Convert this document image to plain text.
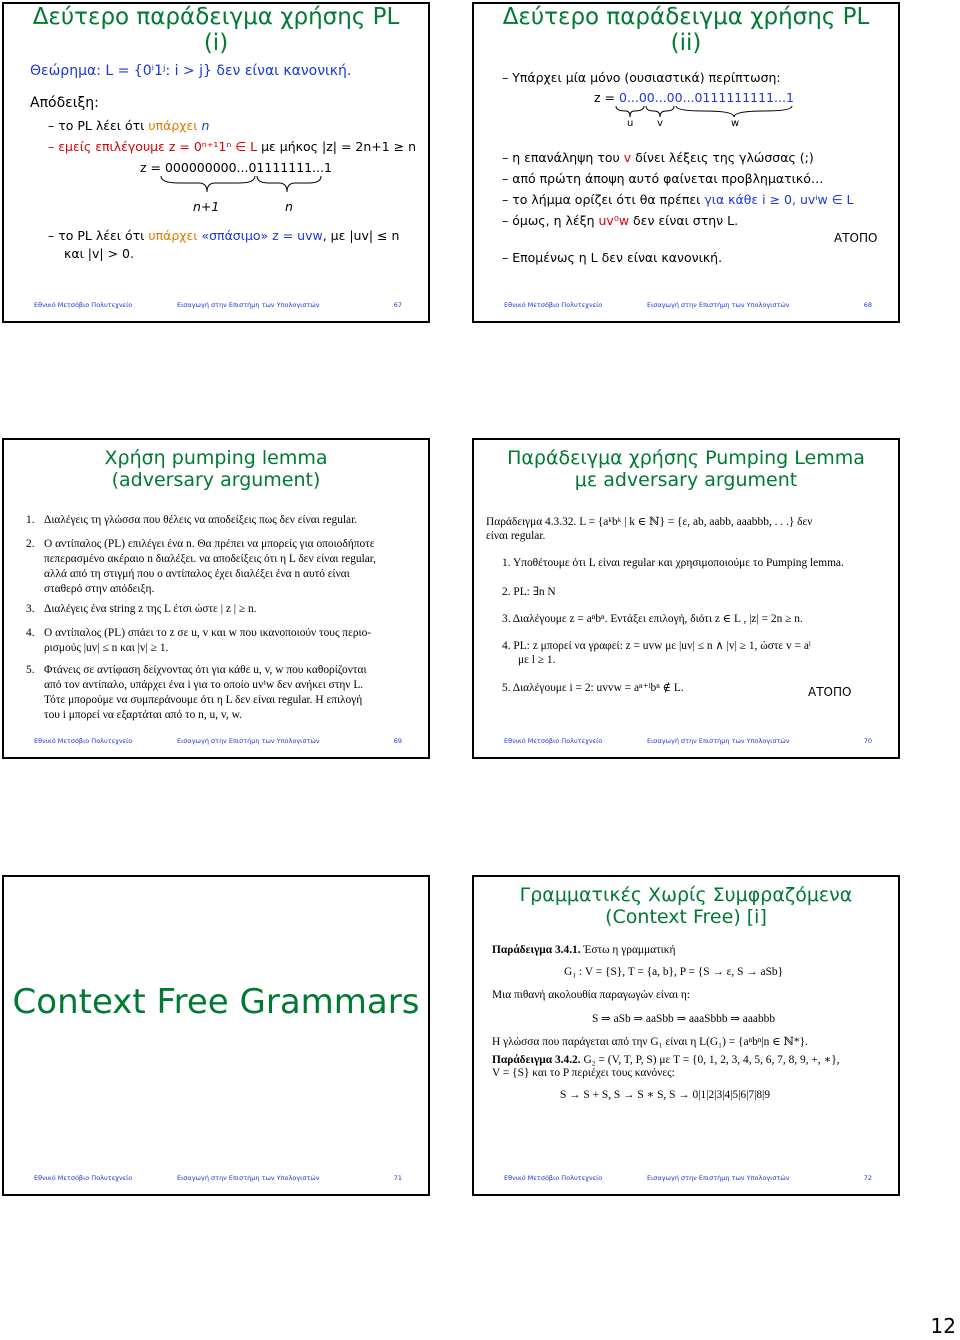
Δεύτερο παράδειγμα χρήσης PL
(i)
Θεώρημα: L = {0ⁱ1ʲ: i > j} δεν είναι κανονική.
Απόδειξη:
– το PL λέει ότι υπάρχει n
– εμείς επιλέγουμε z = 0ⁿ⁺¹1ⁿ ∈ L με μήκος |z| = 2n+1 ≥ n
z = 000000000...01111111...1
n+1	n
– το PL λέει ότι υπάρχει «σπάσιμο» z = uvw, με |uv| ≤ n
και |v| > 0.
Εθνικό Μετσόβιο Πολυτεχνείο	Εισαγωγή στην Επιστήμη των Υπολογιστών	67
Δεύτερο παράδειγμα χρήσης PL
(ii)
– Υπάρχει μία μόνο (ουσιαστικά) περίπτωση:
z = 0...00...00...0111111111...1
u v	w
– η επανάληψη του v δίνει λέξεις της γλώσσας (;)
– από πρώτη άποψη αυτό φαίνεται προβληματικό…
– το λήμμα ορίζει ότι θα πρέπει για κάθε i ≥ 0, uvⁱw ∈ L
– όμως, η λέξη uv⁰w δεν είναι στην L.
ΑΤΟΠΟ
– Επομένως η L δεν είναι κανονική.
Εθνικό Μετσόβιο Πολυτεχνείο	Εισαγωγή στην Επιστήμη των Υπολογιστών	68
Χρήση pumping lemma
(adversary argument)
1. Διαλέγεις τη γλώσσα που θέλεις να αποδείξεις πως δεν είναι regular.
2. Ο αντίπαλος (PL) επιλέγει ένα n. Θα πρέπει να μπορείς για οποιοδήποτε
πεπερασμένο ακέραιο n διαλέξει. να αποδείξεις ότι η L δεν είναι regular,
αλλά από τη στιγμή που ο αντίπαλος έχει διαλέξει ένα n αυτό είναι
σταθερό στην απόδειξη.
3. Διαλέγεις ένα string z της L έτσι ώστε | z | ≥ n.
4. Ο αντίπαλος (PL) σπάει το z σε u, v και w που ικανοποιούν τους περιο-
ρισμούς |uv| ≤ n και |v| ≥ 1.
5. Φτάνεις σε αντίφαση δείχνοντας ότι για κάθε u, v, w που καθορίζονται
από τον αντίπαλο, υπάρχει ένα i για το οποίο uvⁱw δεν ανήκει στην L.
Τότε μπορούμε να συμπεράνουμε ότι η L δεν είναι regular. Η επιλογή
του i μπορεί να εξαρτάται από το n, u, v, w.
Εθνικό Μετσόβιο Πολυτεχνείο	Εισαγωγή στην Επιστήμη των Υπολογιστών	69
Παράδειγμα χρήσης Pumping Lemma
με adversary argument
Παράδειγμα 4.3.32. L = {aᵏbᵏ | k ∈ ℕ} = {ε, ab, aabb, aaabbb, . . .} δεν
είναι regular.
1. Υποθέτουμε ότι L είναι regular και χρησιμοποιούμε το Pumping lemma.
2. PL: ∃n N
3. Διαλέγουμε z = aⁿbⁿ. Εντάξει επιλογή, διότι z ∈ L , |z| = 2n ≥ n.
4. PL: z μπορεί να γραφεί: z = uvw με |uv| ≤ n ∧ |v| ≥ 1, ώστε v = aˡ
με l ≥ 1.
5. Διαλέγουμε i = 2: uvvw = aⁿ⁺ˡbⁿ ∉ L.	ΑΤΟΠΟ
Εθνικό Μετσόβιο Πολυτεχνείο	Εισαγωγή στην Επιστήμη των Υπολογιστών	70
Context Free Grammars
Εθνικό Μετσόβιο Πολυτεχνείο	Εισαγωγή στην Επιστήμη των Υπολογιστών	71
Γραμματικές Χωρίς Συμφραζόμενα
(Context Free) [i]
Παράδειγμα 3.4.1. Έστω η γραμματική
G₁ : V = {S}, T = {a, b}, P = {S → ε, S → aSb}
Μια πιθανή ακολουθία παραγωγών είναι η:
S ⇒ aSb ⇒ aaSbb ⇒ aaaSbbb ⇒ aaabbb
Η γλώσσα που παράγεται από την G₁ είναι η L(G₁) = {aⁿbⁿ|n ∈ ℕ*}.
Παράδειγμα 3.4.2. G₂ = (V, T, P, S) με T = {0, 1, 2, 3, 4, 5, 6, 7, 8, 9, +, ∗},
V = {S} και το P περιέχει τους κανόνες:
S → S + S, S → S ∗ S, S → 0|1|2|3|4|5|6|7|8|9
Εθνικό Μετσόβιο Πολυτεχνείο	Εισαγωγή στην Επιστήμη των Υπολογιστών	72
12
